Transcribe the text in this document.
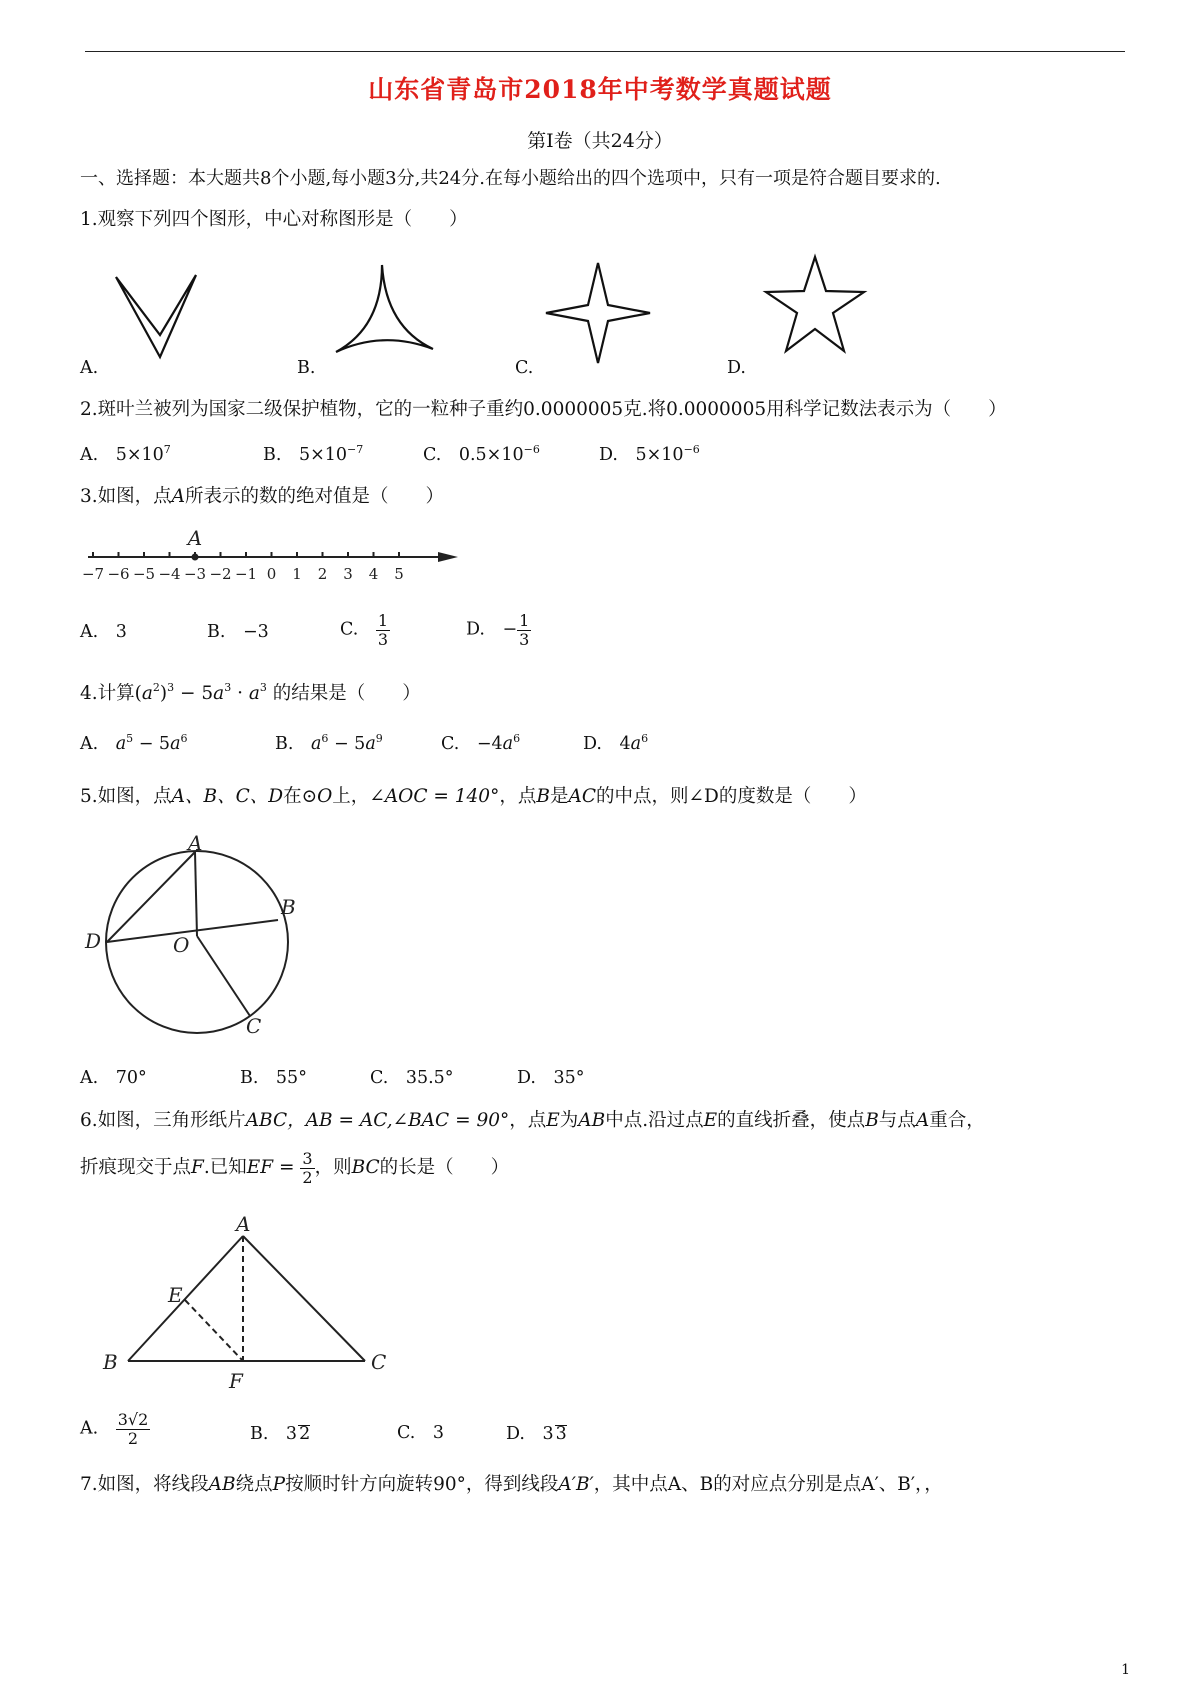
山东省青岛市2018年中考数学真题试题
第Ⅰ卷（共24分）
一、选择题：本大题共8个小题,每小题3分,共24分.在每小题给出的四个选项中，只有一项是符合题目要求的.
1.观察下列四个图形，中心对称图形是（　　）
A.	B.	C.	D.
2.斑叶兰被列为国家二级保护植物，它的一粒种子重约0.0000005克.将0.0000005用科学记数法表示为（　　）
A.　 $5\times 10^7$	B.　 $5\times 10^{-7}$	C.　 $0.5\times 10^{-6}$	D.　 $5\times 10^{-6}$
3.如图，点A所表示的数的绝对值是（　　）
−7 −6 −5 −4 −3 −2 −1 0 1 2 3 4 5
A
A.　 3	B.　 −3	C.　 $\frac{1}{3}$	D.　 − $\frac{1}{3}$
4.计算$(a^2)^3 - 5a^3 \cdot a^3$ 的结果是（　　）
A.　 $a^5 - 5a^6$	B.　 $a^6 - 5a^9$	C.　$-4a^6$	D.　$4a^6$
5.如图，点A、B、C、D在⊙O上，∠AOC = 140°，点B是AC的中点，则∠D的度数是（　　）
A
B
C
D	O
A.　70°	B.　55°	C.　35.5°	D.　35°
6.如图，三角形纸片ABC，AB = AC,∠BAC = 90°，点E为AB中点.沿过点E的直线折叠，使点B与点A重合，
折痕现交于点F.已知EF = $\frac{3}{2}$ ，则BC的长是（　　）
A
B	C
E
F
A.　 $\frac{3√2}{2}$	B.　3 2	C.　3	D.　3 3
7.如图，将线段AB绕点P按顺时针方向旋转90°，得到线段A′B′，其中点A、B的对应点分别是点A′、B′，，
1
